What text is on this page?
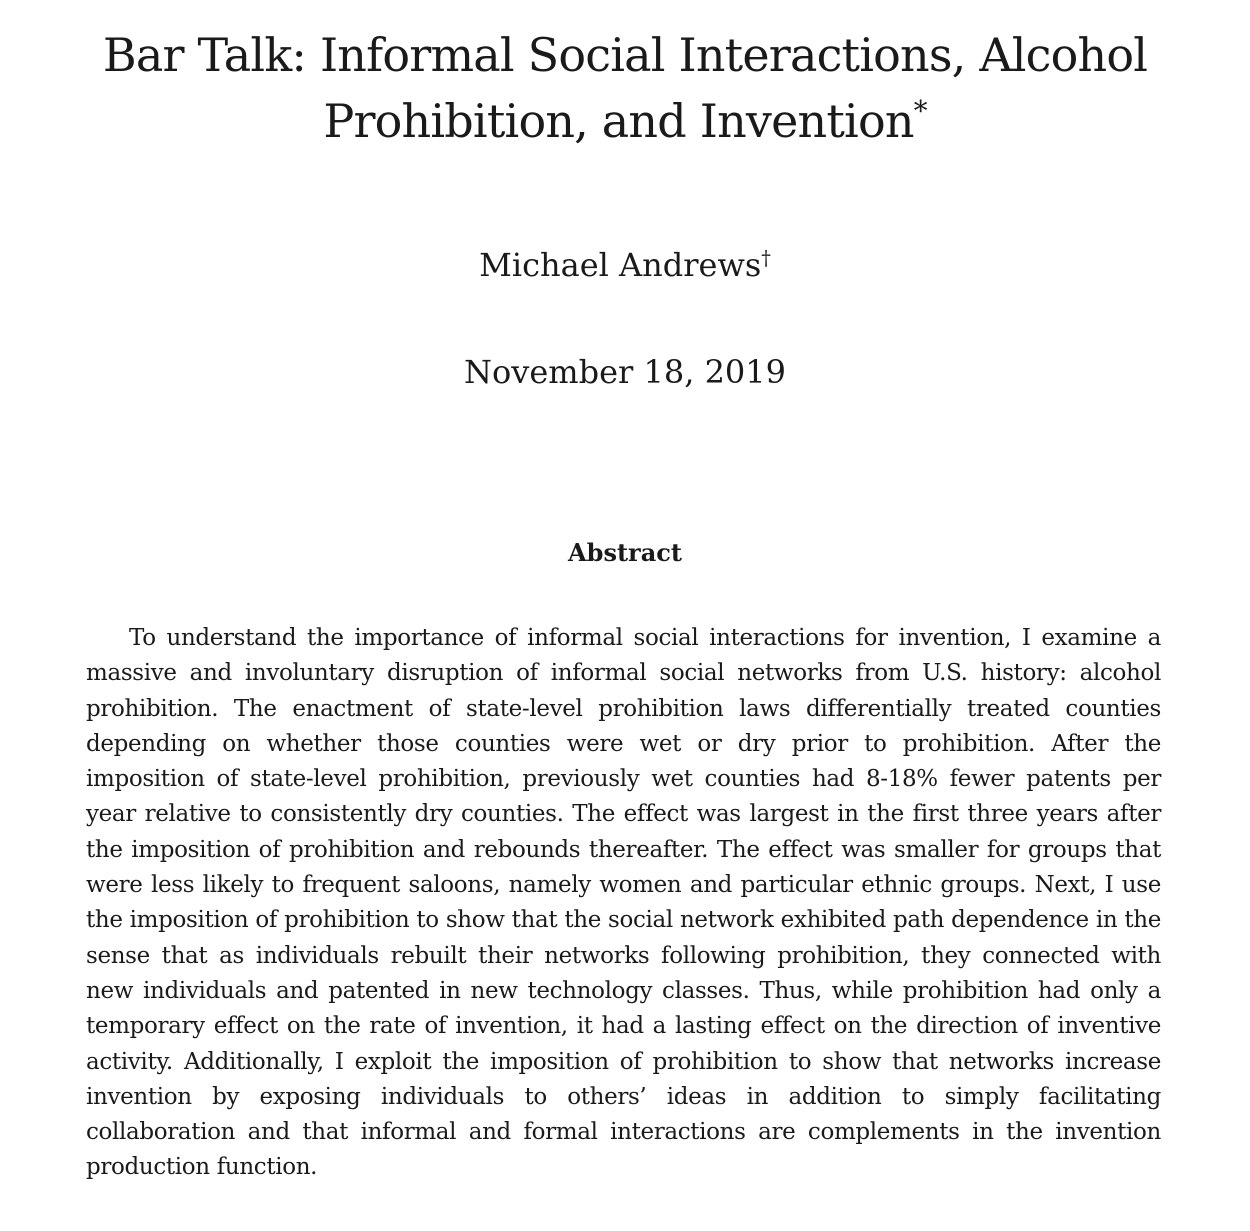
Bar Talk: Informal Social Interactions, Alcohol Prohibition, and Invention*
Michael Andrews†
November 18, 2019
Abstract

To understand the importance of informal social interactions for invention, I examine a massive and involuntary disruption of informal social networks from U.S. history: alcohol prohibition. The enactment of state-level prohibition laws differentially treated counties depending on whether those counties were wet or dry prior to prohibition. After the imposition of state-level prohibition, previously wet counties had 8-18% fewer patents per year relative to consistently dry counties. The effect was largest in the first three years after the imposition of prohibition and rebounds thereafter. The effect was smaller for groups that were less likely to frequent saloons, namely women and particular ethnic groups. Next, I use the imposition of prohibition to show that the social network exhibited path dependence in the sense that as individuals rebuilt their networks following prohibition, they connected with new individuals and patented in new technology classes. Thus, while prohibition had only a temporary effect on the rate of invention, it had a lasting effect on the direction of inventive activity. Additionally, I exploit the imposition of prohibition to show that networks increase invention by exposing individuals to others’ ideas in addition to simply facilitating collaboration and that informal and formal interactions are complements in the invention production function.
